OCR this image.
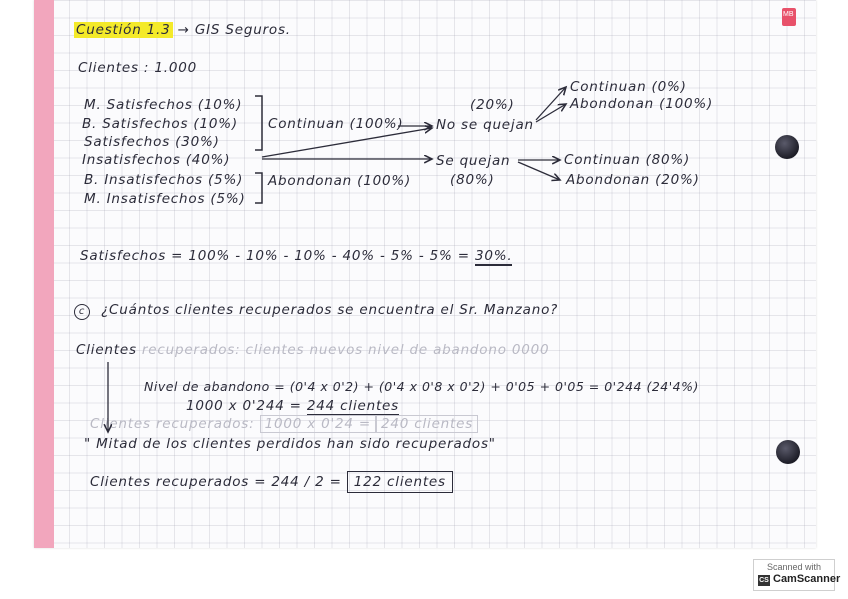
MB
Cuestión 1.3 → GIS Seguros.
Clientes : 1.000
M. Satisfechos (10%)
B. Satisfechos (10%)
Satisfechos (30%)
Insatisfechos (40%)
B. Insatisfechos (5%)
M. Insatisfechos (5%)
Continuan (100%)
Abondonan (100%)
(20%)
No se quejan
Se quejan
(80%)
Continuan (0%)
Abondonan (100%)
Continuan (80%)
Abondonan (20%)
Satisfechos = 100% - 10% - 10% - 40% - 5% - 5% = 30%.
c ¿Cuántos clientes recuperados se encuentra el Sr. Manzano?
Clientes recuperados: clientes nuevos nivel de abandono 0000
Nivel de abandono = (0'4 x 0'2) + (0'4 x 0'8 x 0'2) + 0'05 + 0'05 = 0'244 (24'4%)
1000 x 0'244 = 244 clientes
Clientes recuperados: 1000 x 0'24 = 240 clientes
" Mitad de los clientes perdidos han sido recuperados"
Clientes recuperados = 244 / 2 = 122 clientes
Scanned with
CS CamScanner
